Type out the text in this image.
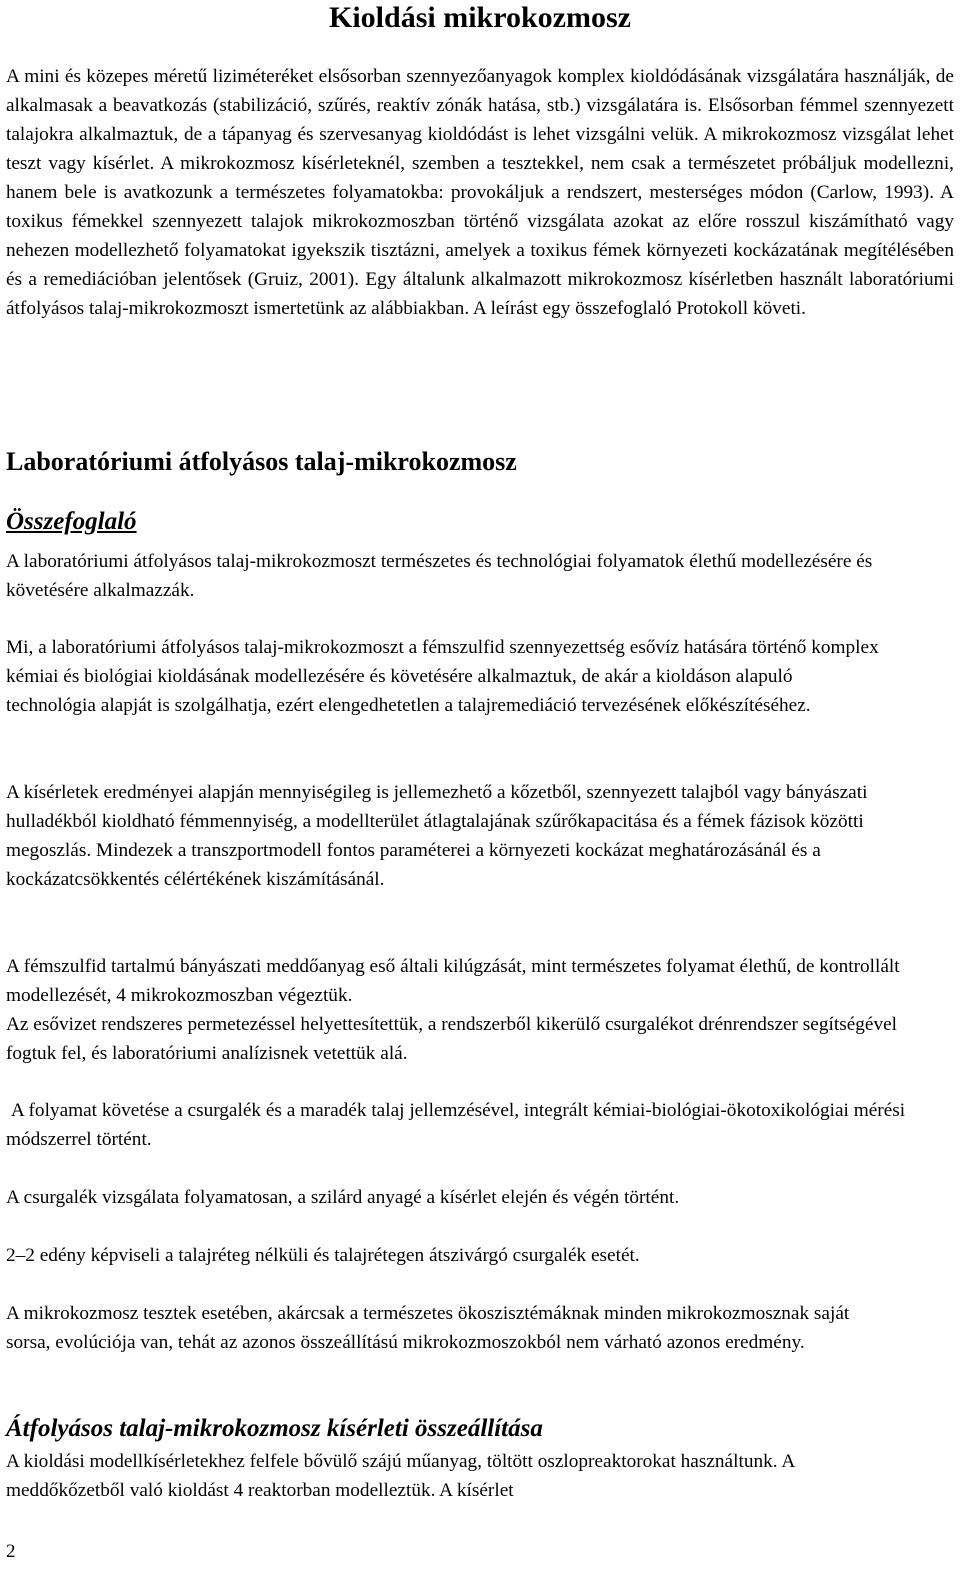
Kioldási mikrokozmosz

A mini és közepes méretű liziméteréket elsősorban szennyezőanyagok komplex kioldódásának vizsgálatára használják, de alkalmasak a beavatkozás (stabilizáció, szűrés, reaktív zónák hatása, stb.) vizsgálatára is. Elsősorban fémmel szennyezett talajokra alkalmaztuk, de a tápanyag és szervesanyag kioldódást is lehet vizsgálni velük. A mikrokozmosz vizsgálat lehet teszt vagy kísérlet. A mikrokozmosz kísérleteknél, szemben a tesztekkel, nem csak a természetet próbáljuk modellezni, hanem bele is avatkozunk a természetes folyamatokba: provokáljuk a rendszert, mesterséges módon (Carlow, 1993). A toxikus fémekkel szennyezett talajok mikrokozmoszban történő vizsgálata azokat az előre rosszul kiszámítható vagy nehezen modellezhető folyamatokat igyekszik tisztázni, amelyek a toxikus fémek környezeti kockázatának megítélésében és a remediációban jelentősek (Gruiz, 2001). Egy általunk alkalmazott mikrokozmosz kísérletben használt laboratóriumi átfolyásos talaj-mikrokozmoszt ismertetünk az alábbiakban. A leírást egy összefoglaló Protokoll követi.

Laboratóriumi átfolyásos talaj-mikrokozmosz
Összefoglaló

A laboratóriumi átfolyásos talaj-mikrokozmoszt természetes és technológiai folyamatok élethű modellezésére és követésére alkalmazzák.

Mi, a laboratóriumi átfolyásos talaj-mikrokozmoszt a fémszulfid szennyezettség esővíz hatására történő komplex kémiai és biológiai kioldásának modellezésére és követésére alkalmaztuk, de akár a kioldáson alapuló technológia alapját is szolgálhatja, ezért elengedhetetlen a talajremediáció tervezésének előkészítéséhez.

A kísérletek eredményei alapján mennyiségileg is jellemezhető a kőzetből, szennyezett talajból vagy bányászati hulladékból kioldható fémmennyiség, a modellterület átlagtalajának szűrőkapacitása és a fémek fázisok közötti megoszlás. Mindezek a transzportmodell fontos paraméterei a környezeti kockázat meghatározásánál és a kockázatcsökkentés célértékének kiszámításánál.

A fémszulfid tartalmú bányászati meddőanyag eső általi kilúgzását, mint természetes folyamat élethű, de kontrollált modellezését, 4 mikrokozmoszban végeztük.
Az esővizet rendszeres permetezéssel helyettesítettük, a rendszerből kikerülő csurgalékot drénrendszer segítségével fogtuk fel, és laboratóriumi analízisnek vetettük alá.

A folyamat követése a csurgalék és a maradék talaj jellemzésével, integrált kémiai-biológiai-ökotoxikológiai mérési módszerrel történt.

A csurgalék vizsgálata folyamatosan, a szilárd anyagé a kísérlet elején és végén történt.

2–2 edény képviseli a talajréteg nélküli és talajrétegen átszivárgó csurgalék esetét.

A mikrokozmosz tesztek esetében, akárcsak a természetes ökoszisztémáknak minden mikrokozmosznak saját sorsa, evolúciója van, tehát az azonos összeállítású mikrokozmoszokból nem várható azonos eredmény.

Átfolyásos talaj-mikrokozmosz kísérleti összeállítása

A kioldási modellkísérletekhez felfele bővülő szájú műanyag, töltött oszlopreaktorokat használtunk. A meddőkőzetből való kioldást 4 reaktorban modelleztük. A kísérlet

2
